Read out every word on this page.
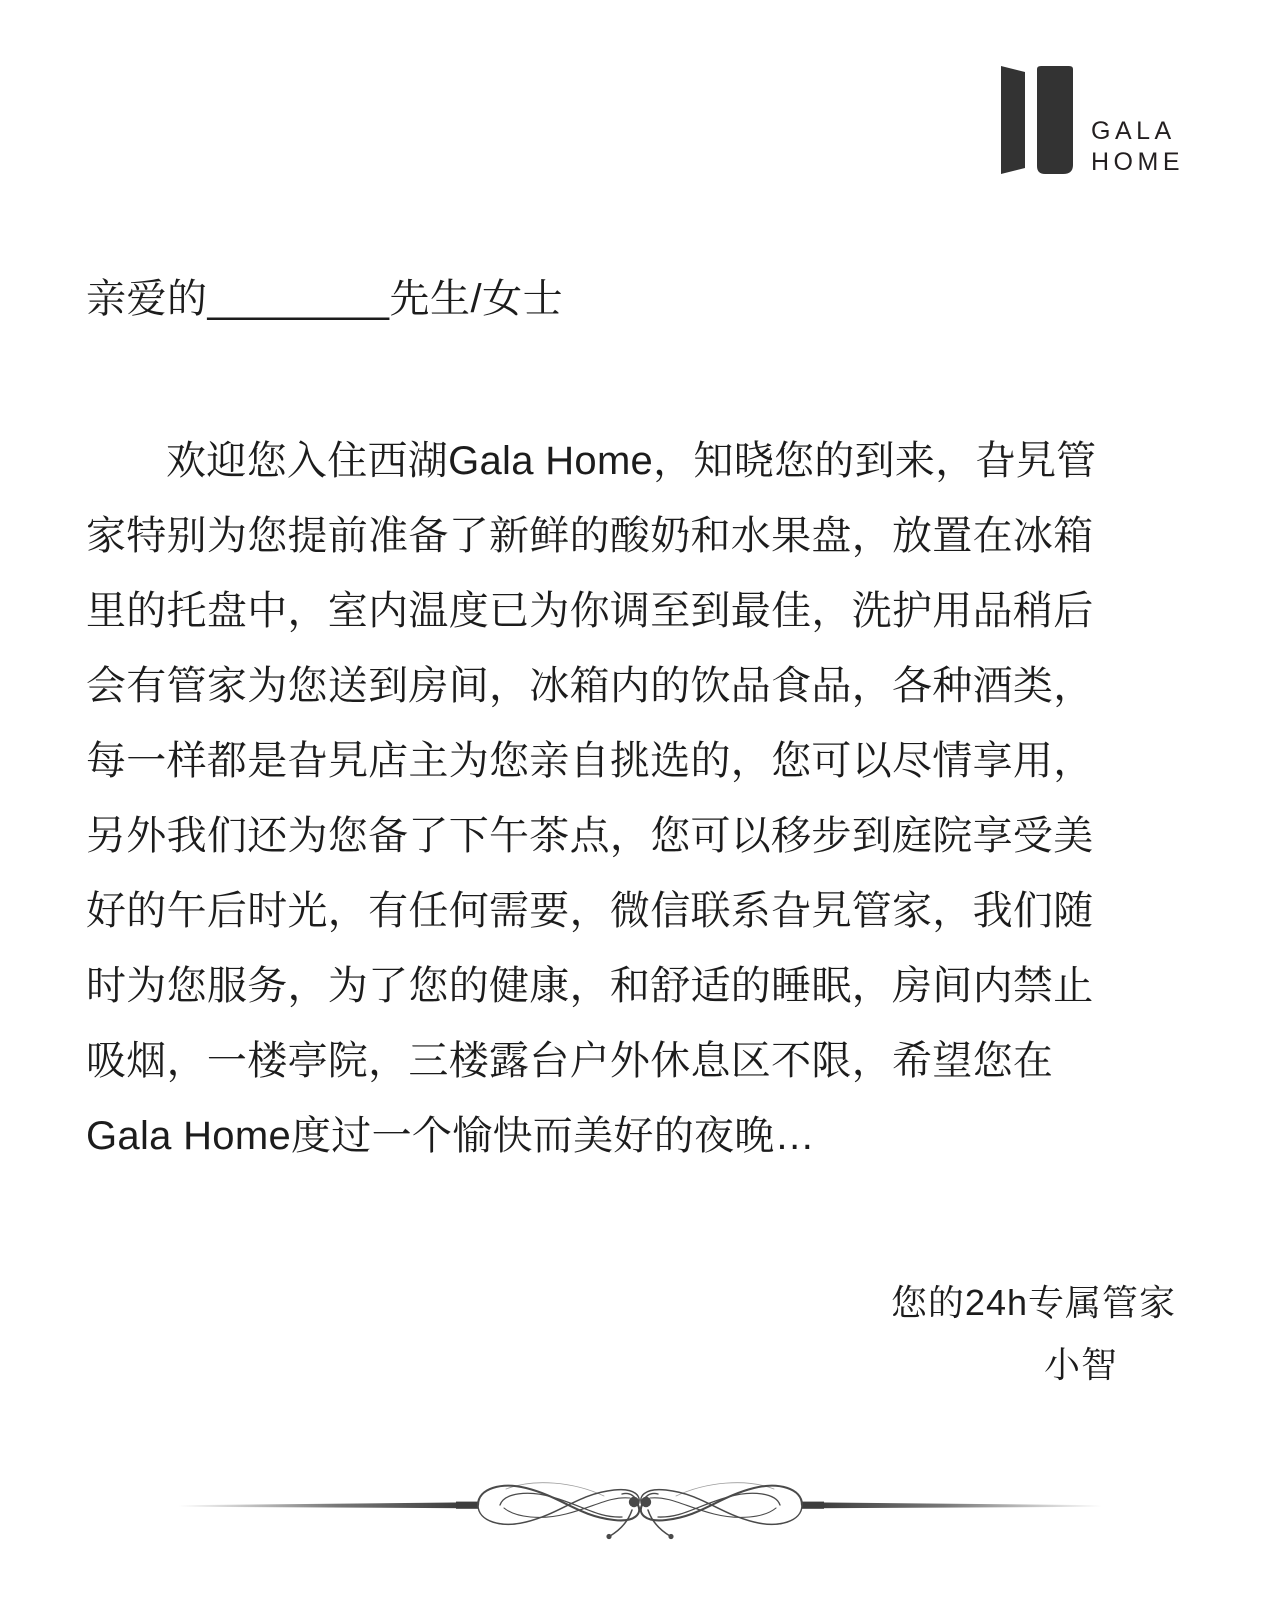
GALA
HOME
亲爱的________先生/女士
欢迎您入住西湖Gala Home，知晓您的到来，旮旯管
家特别为您提前准备了新鲜的酸奶和水果盘，放置在冰箱
里的托盘中，室内温度已为你调至到最佳，洗护用品稍后
会有管家为您送到房间，冰箱内的饮品食品，各种酒类，
每一样都是旮旯店主为您亲自挑选的，您可以尽情享用，
另外我们还为您备了下午茶点，您可以移步到庭院享受美
好的午后时光，有任何需要，微信联系旮旯管家，我们随
时为您服务，为了您的健康，和舒适的睡眠，房间内禁止
吸烟，一楼亭院，三楼露台户外休息区不限，希望您在
Gala Home度过一个愉快而美好的夜晚…
您的24h专属管家
小智
